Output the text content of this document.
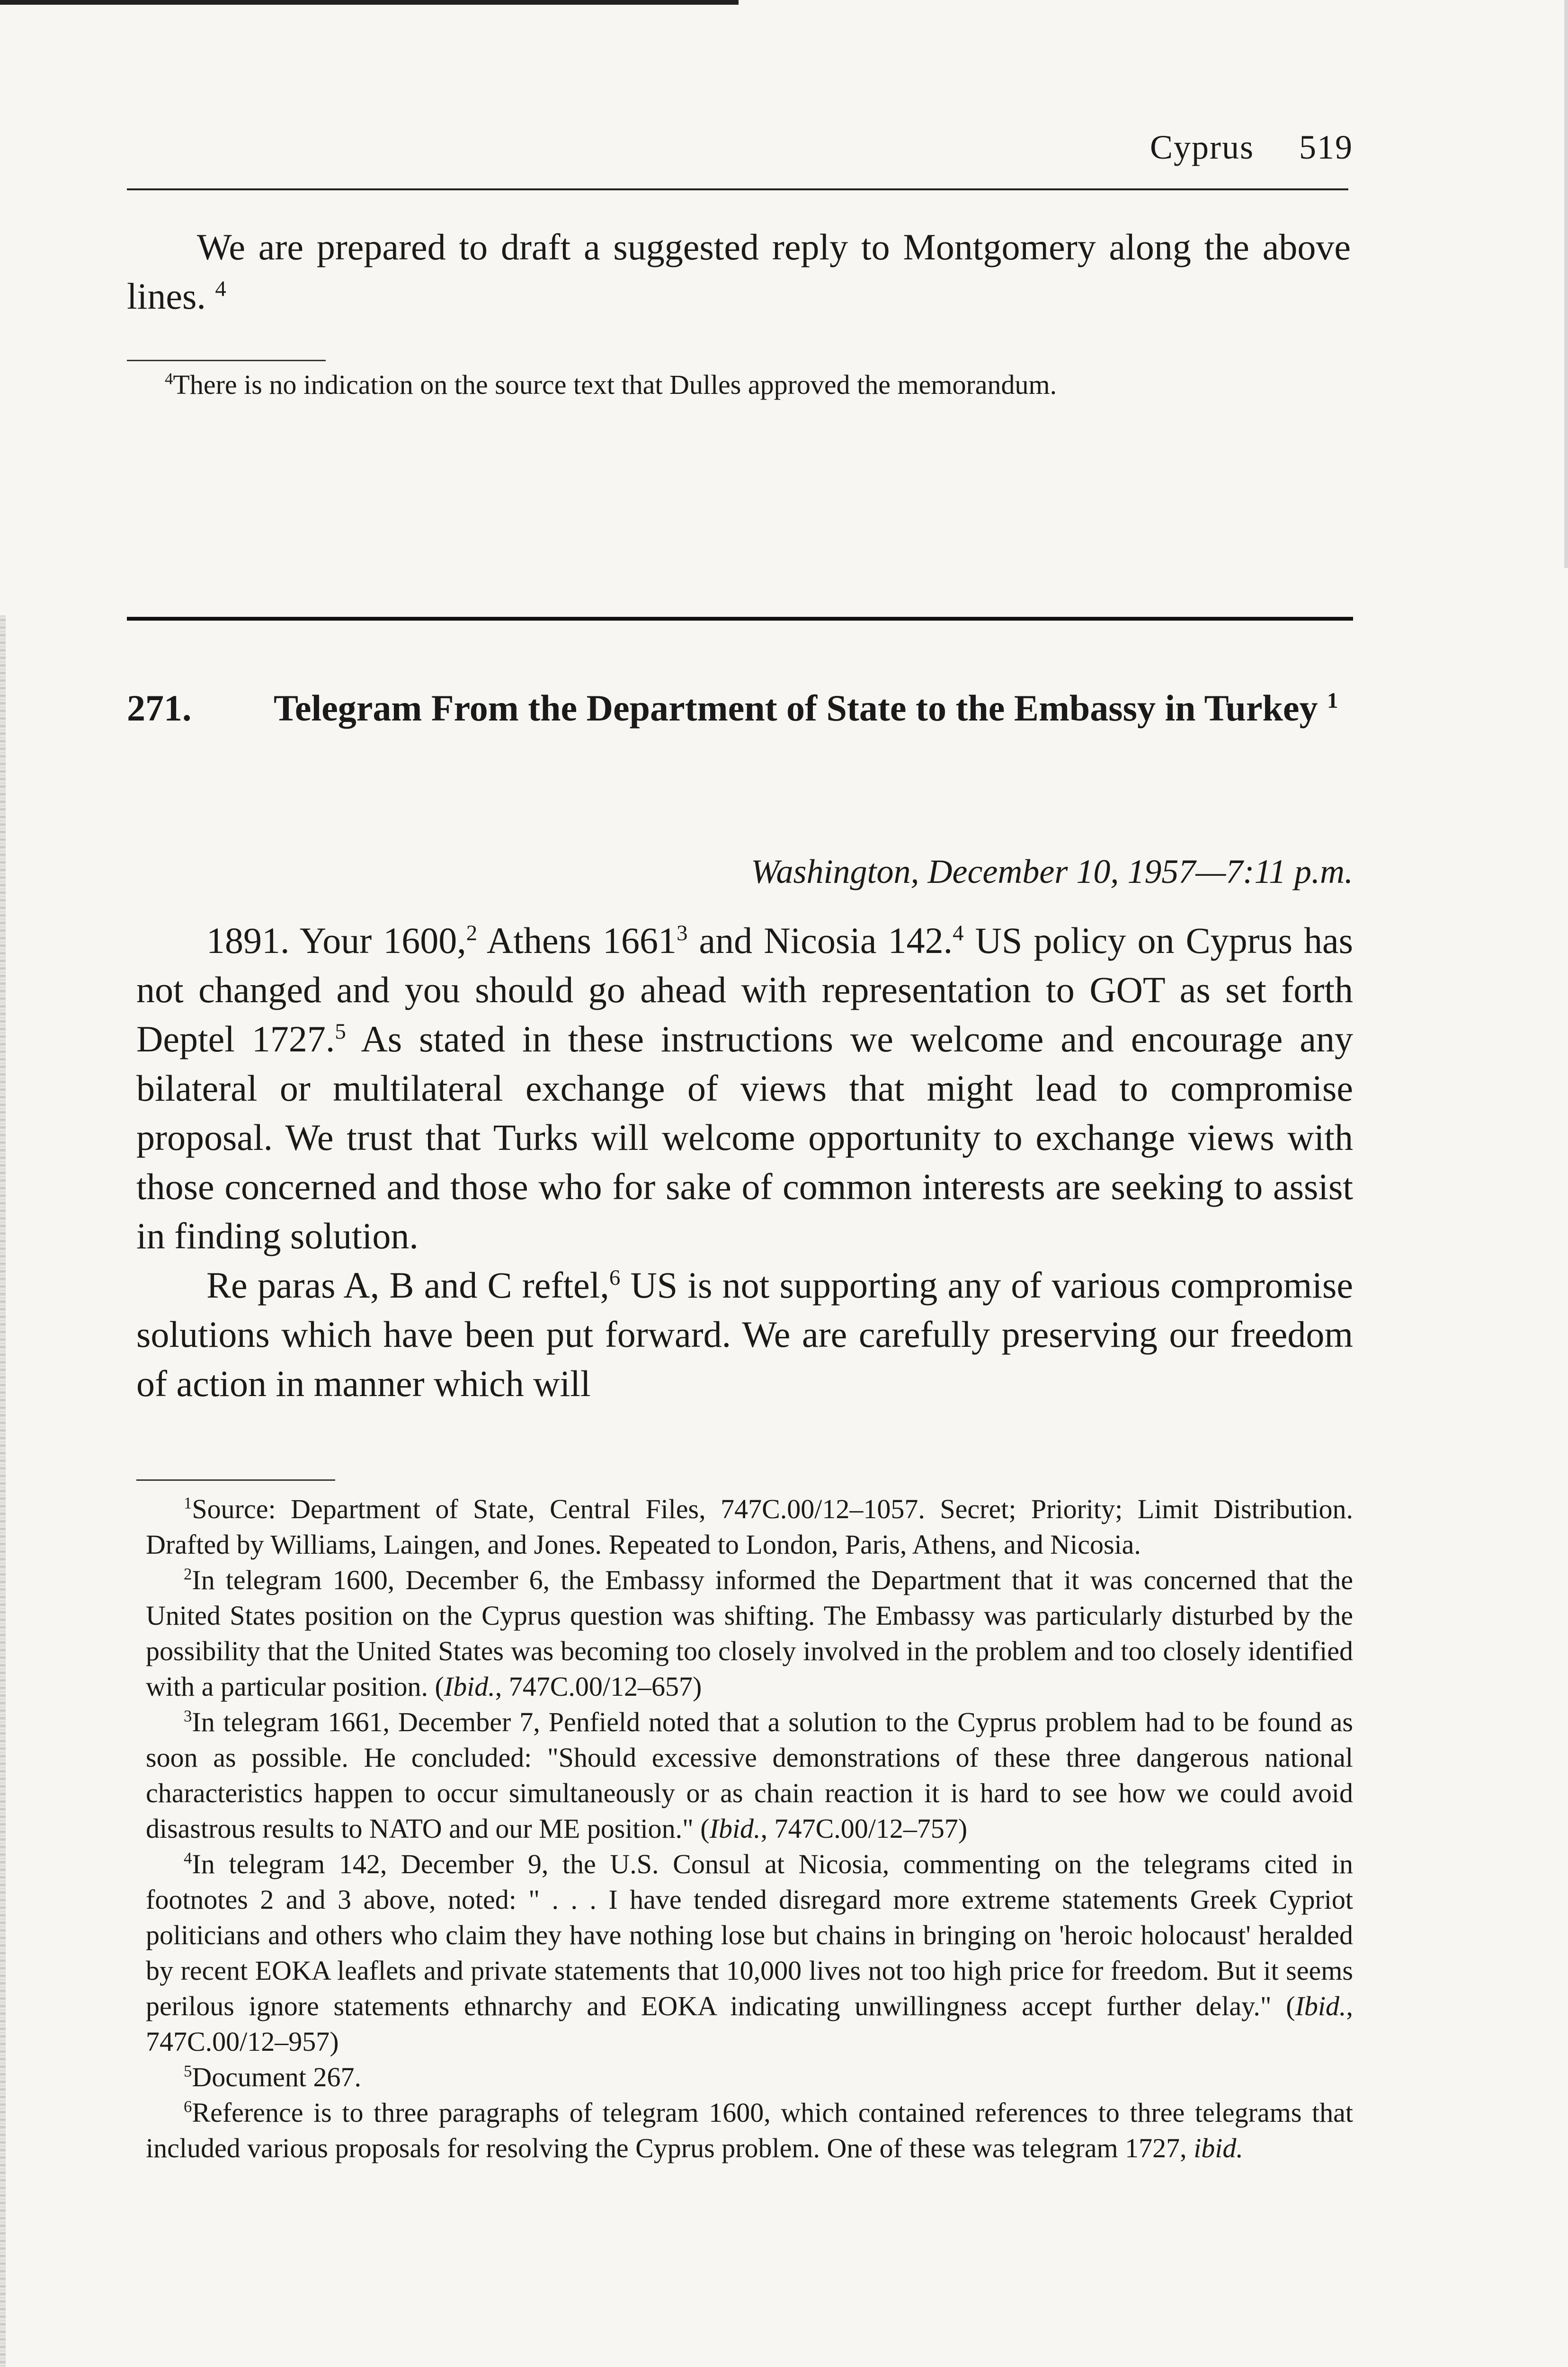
Cyprus 519
We are prepared to draft a suggested reply to Montgomery along the above lines. $^4$

$^4$There is no indication on the source text that Dulles approved the memorandum.

271. Telegram From the Department of State to the Embassy in Turkey $^1$
Washington, December 10, 1957—7:11 p.m.

1891. Your 1600,$^2$ Athens 1661$^3$ and Nicosia 142.$^4$ US policy on Cyprus has not changed and you should go ahead with representation to GOT as set forth Deptel 1727.$^5$ As stated in these instructions we welcome and encourage any bilateral or multilateral exchange of views that might lead to compromise proposal. We trust that Turks will welcome opportunity to exchange views with those concerned and those who for sake of common interests are seeking to assist in finding solution.

Re paras A, B and C reftel,$^6$ US is not supporting any of various compromise solutions which have been put forward. We are carefully preserving our freedom of action in manner which will

$^1$Source: Department of State, Central Files, 747C.00/12–1057. Secret; Priority; Limit Distribution. Drafted by Williams, Laingen, and Jones. Repeated to London, Paris, Athens, and Nicosia.

$^2$In telegram 1600, December 6, the Embassy informed the Department that it was concerned that the United States position on the Cyprus question was shifting. The Embassy was particularly disturbed by the possibility that the United States was becoming too closely involved in the problem and too closely identified with a particular position. (Ibid., 747C.00/12–657)

$^3$In telegram 1661, December 7, Penfield noted that a solution to the Cyprus problem had to be found as soon as possible. He concluded: "Should excessive demonstrations of these three dangerous national characteristics happen to occur simultaneously or as chain reaction it is hard to see how we could avoid disastrous results to NATO and our ME position." (Ibid., 747C.00/12–757)

$^4$In telegram 142, December 9, the U.S. Consul at Nicosia, commenting on the telegrams cited in footnotes 2 and 3 above, noted: " . . . I have tended disregard more extreme statements Greek Cypriot politicians and others who claim they have nothing lose but chains in bringing on 'heroic holocaust' heralded by recent EOKA leaflets and private statements that 10,000 lives not too high price for freedom. But it seems perilous ignore statements ethnarchy and EOKA indicating unwillingness accept further delay." (Ibid., 747C.00/12–957)

$^5$Document 267.

$^6$Reference is to three paragraphs of telegram 1600, which contained references to three telegrams that included various proposals for resolving the Cyprus problem. One of these was telegram 1727, ibid.
